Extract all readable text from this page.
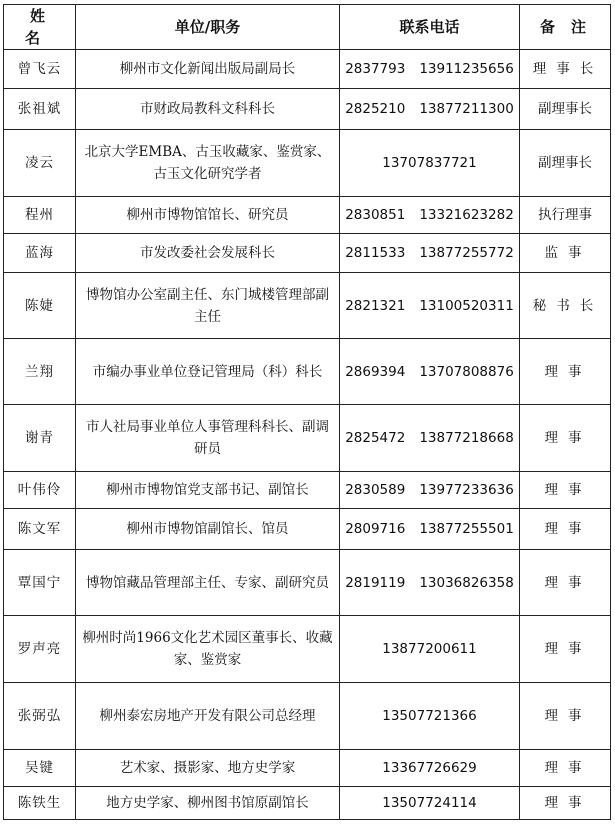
姓名	单位/职务	联系电话	备注
曾飞云	柳州市文化新闻出版局副局长	2837793 13911235656	理事长
张祖斌	市财政局教科文科科长	2825210 13877211300	副理事长
凌云	北京大学EMBA、古玉收藏家、鉴赏家、古玉文化研究学者	13707837721	副理事长
程州	柳州市博物馆馆长、研究员	2830851 13321623282	执行理事
蓝海	市发改委社会发展科长	2811533 13877255772	监事
陈婕	博物馆办公室副主任、东门城楼管理部副主任	2821321 13100520311	秘书长
兰翔	市编办事业单位登记管理局（科）科长	2869394 13707808876	理事
谢青	市人社局事业单位人事管理科科长、副调研员	2825472 13877218668	理事
叶伟伶	柳州市博物馆党支部书记、副馆长	2830589 13977233636	理事
陈文军	柳州市博物馆副馆长、馆员	2809716 13877255501	理事
覃国宁	博物馆藏品管理部主任、专家、副研究员	2819119 13036826358	理事
罗声亮	柳州时尚1966文化艺术园区董事长、收藏家、鉴赏家	13877200611	理事
张弼弘	柳州泰宏房地产开发有限公司总经理	13507721366	理事
吴键	艺术家、摄影家、地方史学家	13367726629	理事
陈铁生	地方史学家、柳州图书馆原副馆长	13507724114	理事
